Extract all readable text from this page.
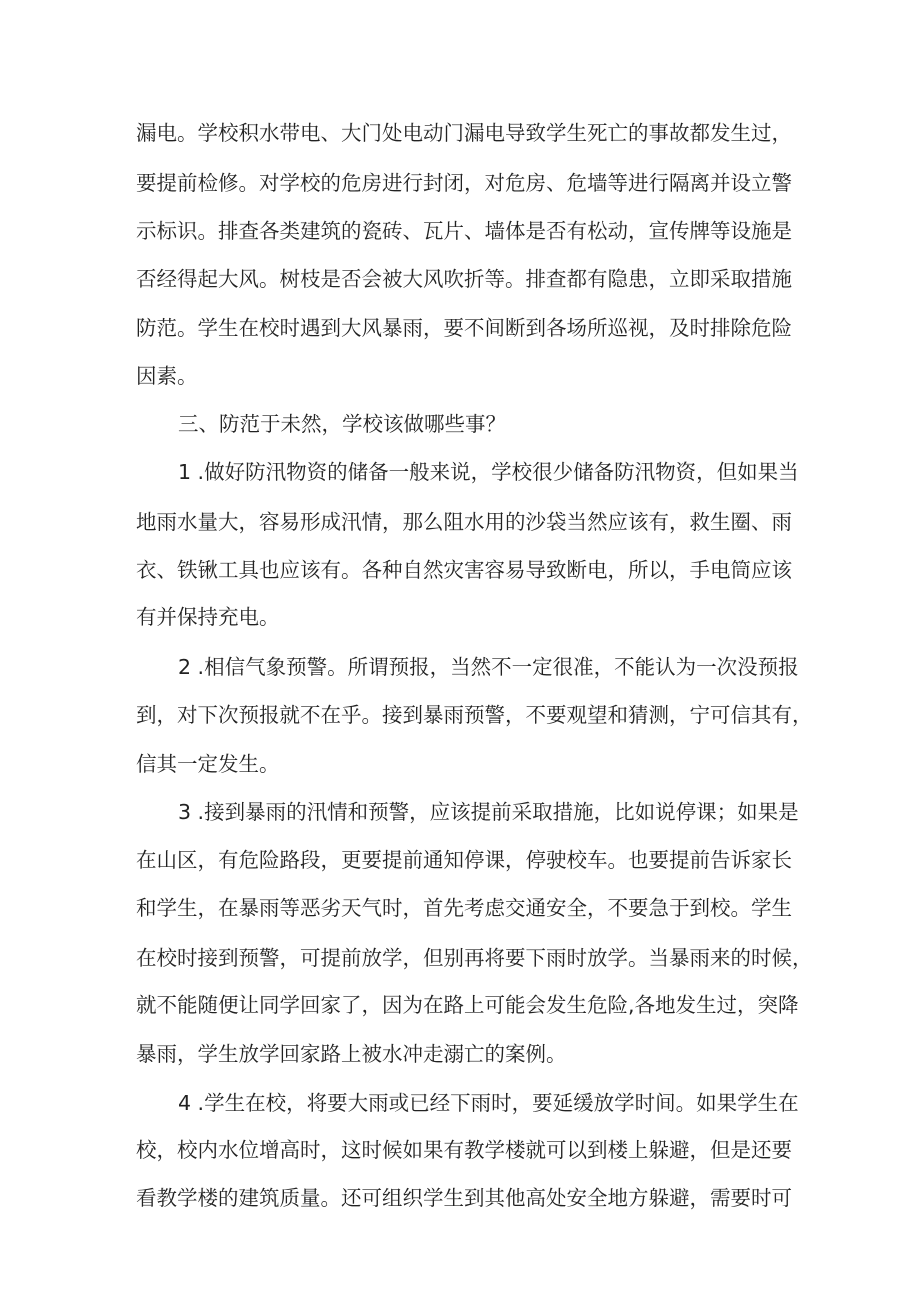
漏电。学校积水带电、大门处电动门漏电导致学生死亡的事故都发生过，

要提前检修。对学校的危房进行封闭，对危房、危墙等进行隔离并设立警

示标识。排查各类建筑的瓷砖、瓦片、墙体是否有松动，宣传牌等设施是

否经得起大风。树枝是否会被大风吹折等。排查都有隐患，立即采取措施

防范。学生在校时遇到大风暴雨，要不间断到各场所巡视，及时排除危险

因素。

三、防范于未然，学校该做哪些事？

1 .做好防汛物资的储备一般来说，学校很少储备防汛物资，但如果当

地雨水量大，容易形成汛情，那么阻水用的沙袋当然应该有，救生圈、雨

衣、铁锹工具也应该有。各种自然灾害容易导致断电，所以，手电筒应该

有并保持充电。

2 .相信气象预警。所谓预报，当然不一定很准，不能认为一次没预报

到，对下次预报就不在乎。接到暴雨预警，不要观望和猜测，宁可信其有，

信其一定发生。

3 .接到暴雨的汛情和预警，应该提前采取措施，比如说停课；如果是

在山区，有危险路段，更要提前通知停课，停驶校车。也要提前告诉家长

和学生，在暴雨等恶劣天气时，首先考虑交通安全，不要急于到校。学生

在校时接到预警，可提前放学，但别再将要下雨时放学。当暴雨来的时候，

就不能随便让同学回家了，因为在路上可能会发生危险,各地发生过，突降

暴雨，学生放学回家路上被水冲走溺亡的案例。

4 .学生在校，将要大雨或已经下雨时，要延缓放学时间。如果学生在

校，校内水位增高时，这时候如果有教学楼就可以到楼上躲避，但是还要

看教学楼的建筑质量。还可组织学生到其他高处安全地方躲避，需要时可
